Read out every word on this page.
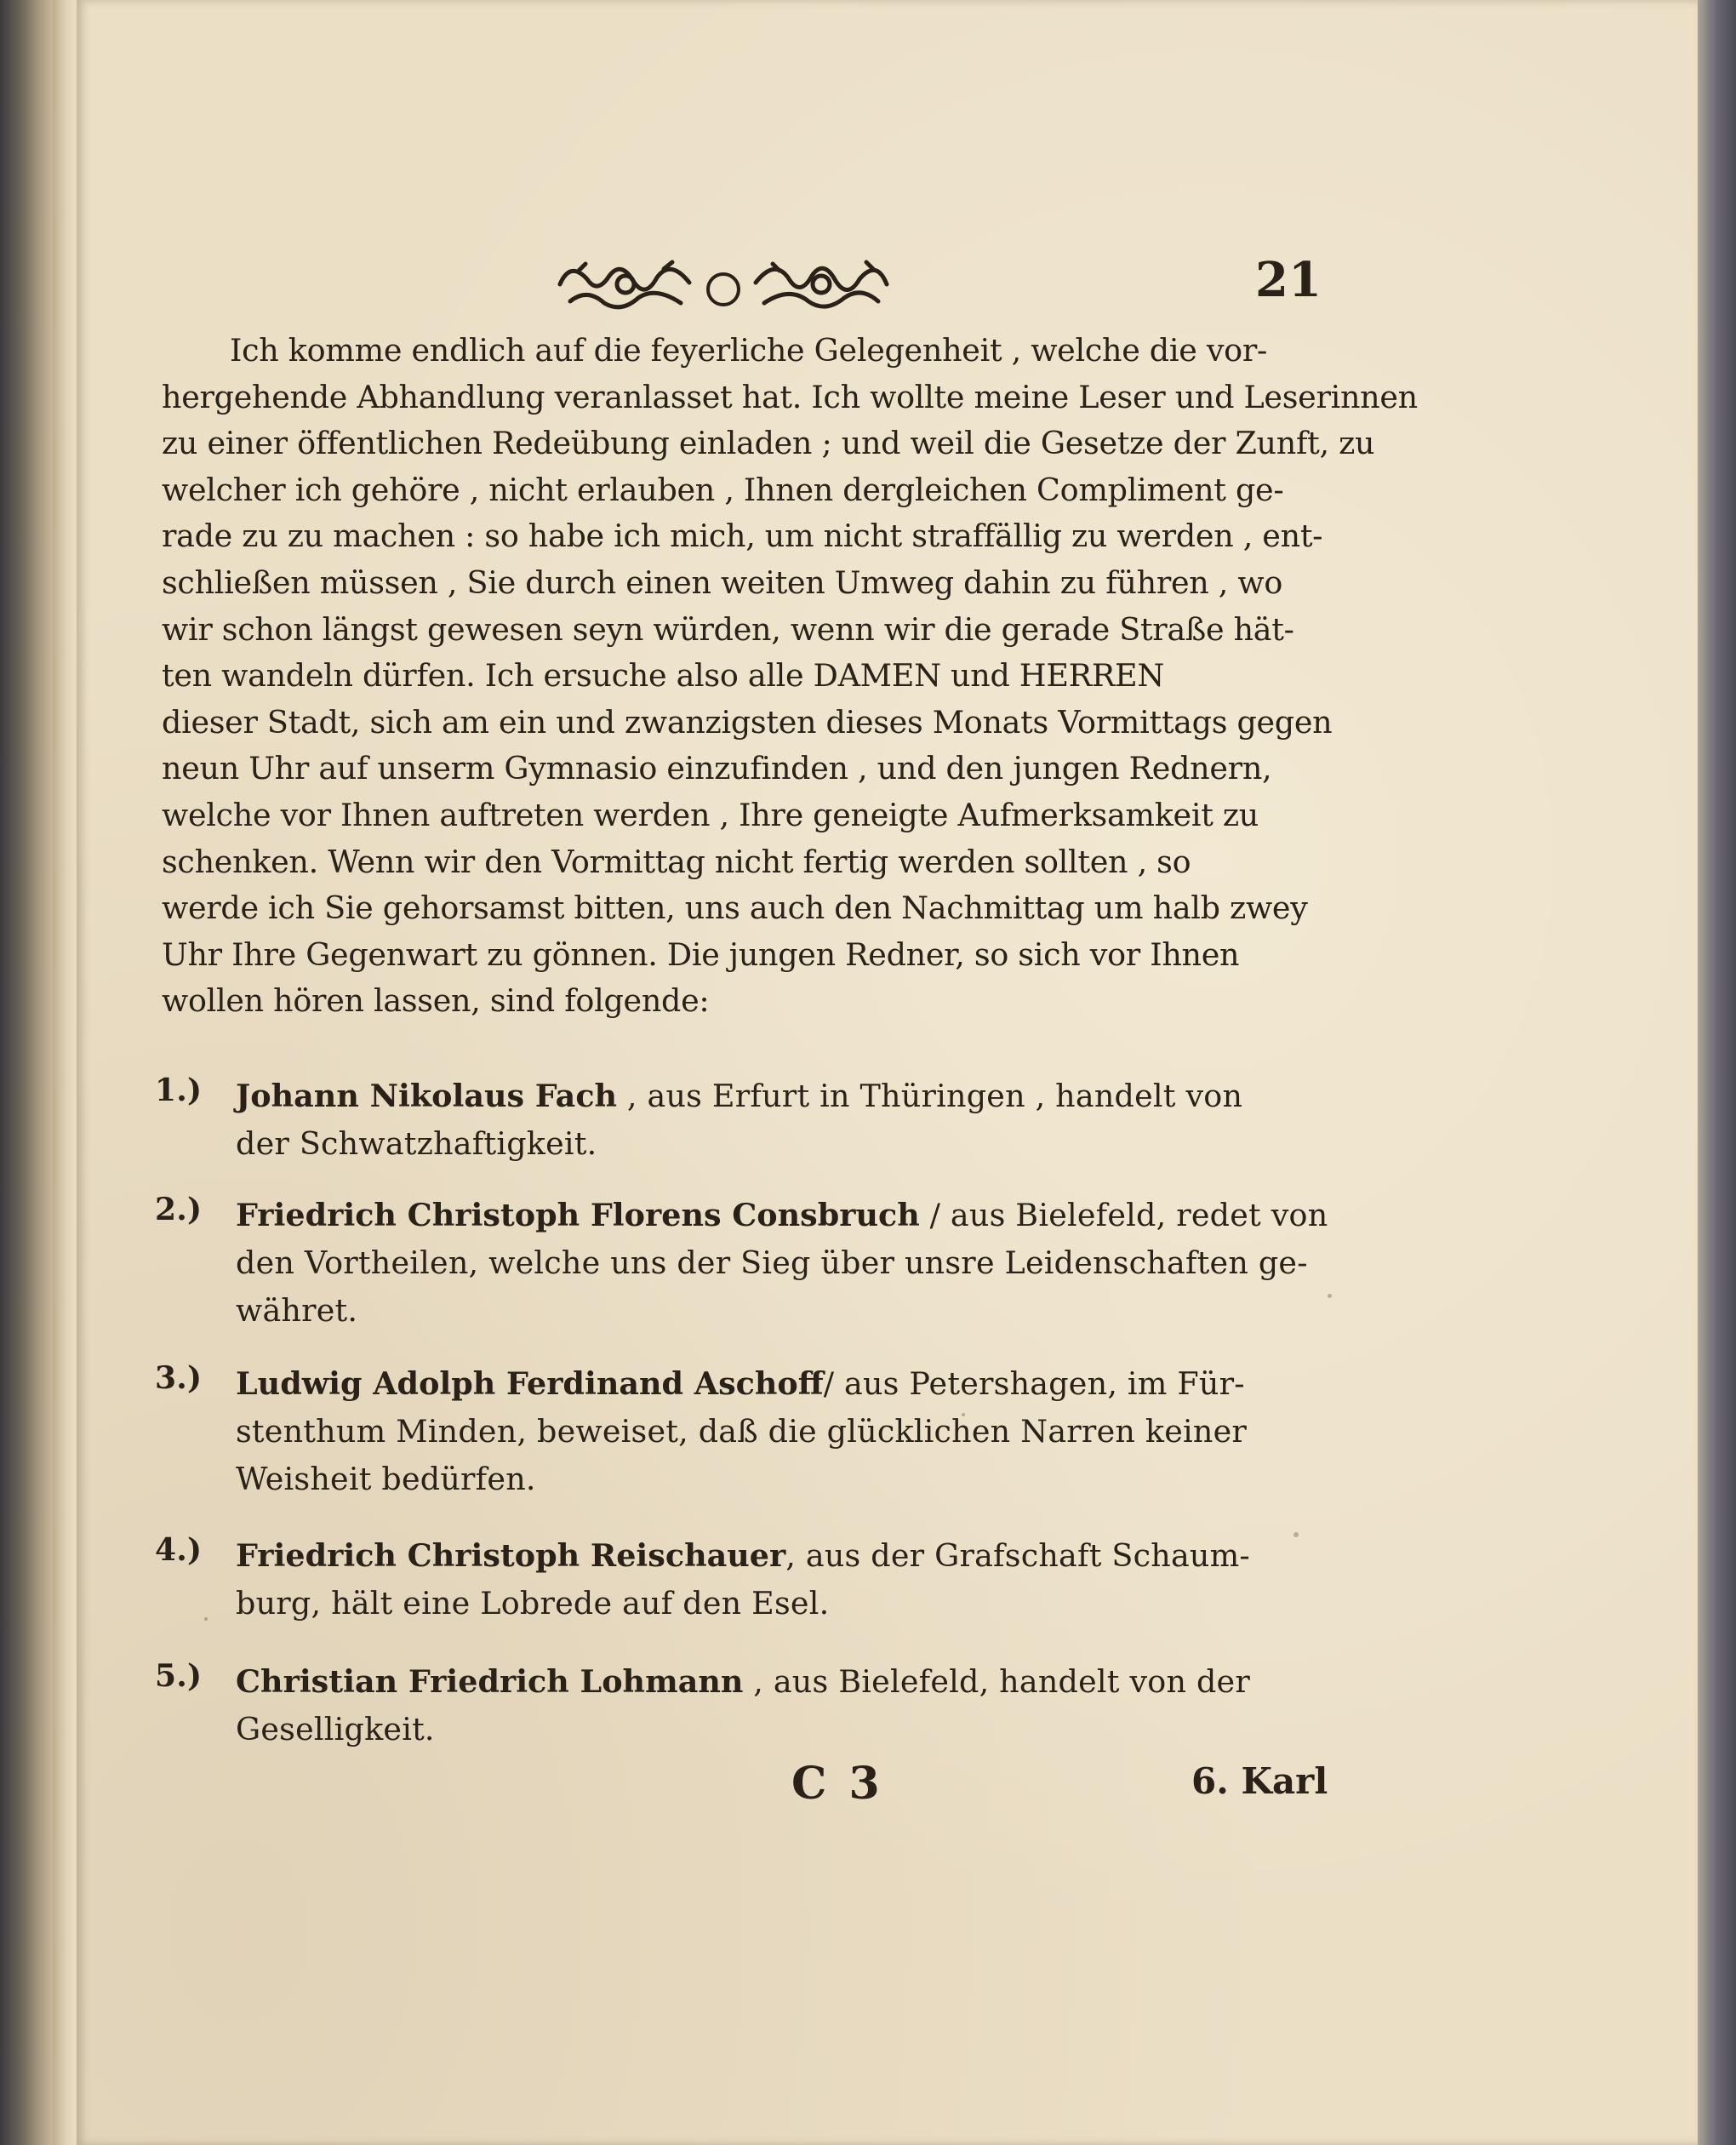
21
Ich komme endlich auf die feyerliche Gelegenheit , welche die vor-
hergehende Abhandlung veranlasset hat. Ich wollte meine Leser und Leserinnen
zu einer öffentlichen Redeübung einladen ; und weil die Gesetze der Zunft, zu
welcher ich gehöre , nicht erlauben , Ihnen dergleichen Compliment ge-
rade zu zu machen : so habe ich mich, um nicht straffällig zu werden , ent-
schließen müssen , Sie durch einen weiten Umweg dahin zu führen , wo
wir schon längst gewesen seyn würden, wenn wir die gerade Straße hät-
ten wandeln dürfen. Ich ersuche also alle DAMEN und HERREN
dieser Stadt, sich am ein und zwanzigsten dieses Monats Vormittags gegen
neun Uhr auf unserm Gymnasio einzufinden , und den jungen Rednern,
welche vor Ihnen auftreten werden , Ihre geneigte Aufmerksamkeit zu
schenken. Wenn wir den Vormittag nicht fertig werden sollten , so
werde ich Sie gehorsamst bitten, uns auch den Nachmittag um halb zwey
Uhr Ihre Gegenwart zu gönnen. Die jungen Redner, so sich vor Ihnen
wollen hören lassen, sind folgende:
1.) Johann Nikolaus Fach , aus Erfurt in Thüringen , handelt von
der Schwatzhaftigkeit.
2.) Friedrich Christoph Florens Consbruch / aus Bielefeld, redet von
den Vortheilen, welche uns der Sieg über unsre Leidenschaften ge-
währet.
3.) Ludwig Adolph Ferdinand Aschoff/ aus Petershagen, im Für-
stenthum Minden, beweiset, daß die glücklichen Narren keiner
Weisheit bedürfen.
4.) Friedrich Christoph Reischauer, aus der Grafschaft Schaum-
burg, hält eine Lobrede auf den Esel.
5.) Christian Friedrich Lohmann , aus Bielefeld, handelt von der
Geselligkeit.
C 3	6. Karl
